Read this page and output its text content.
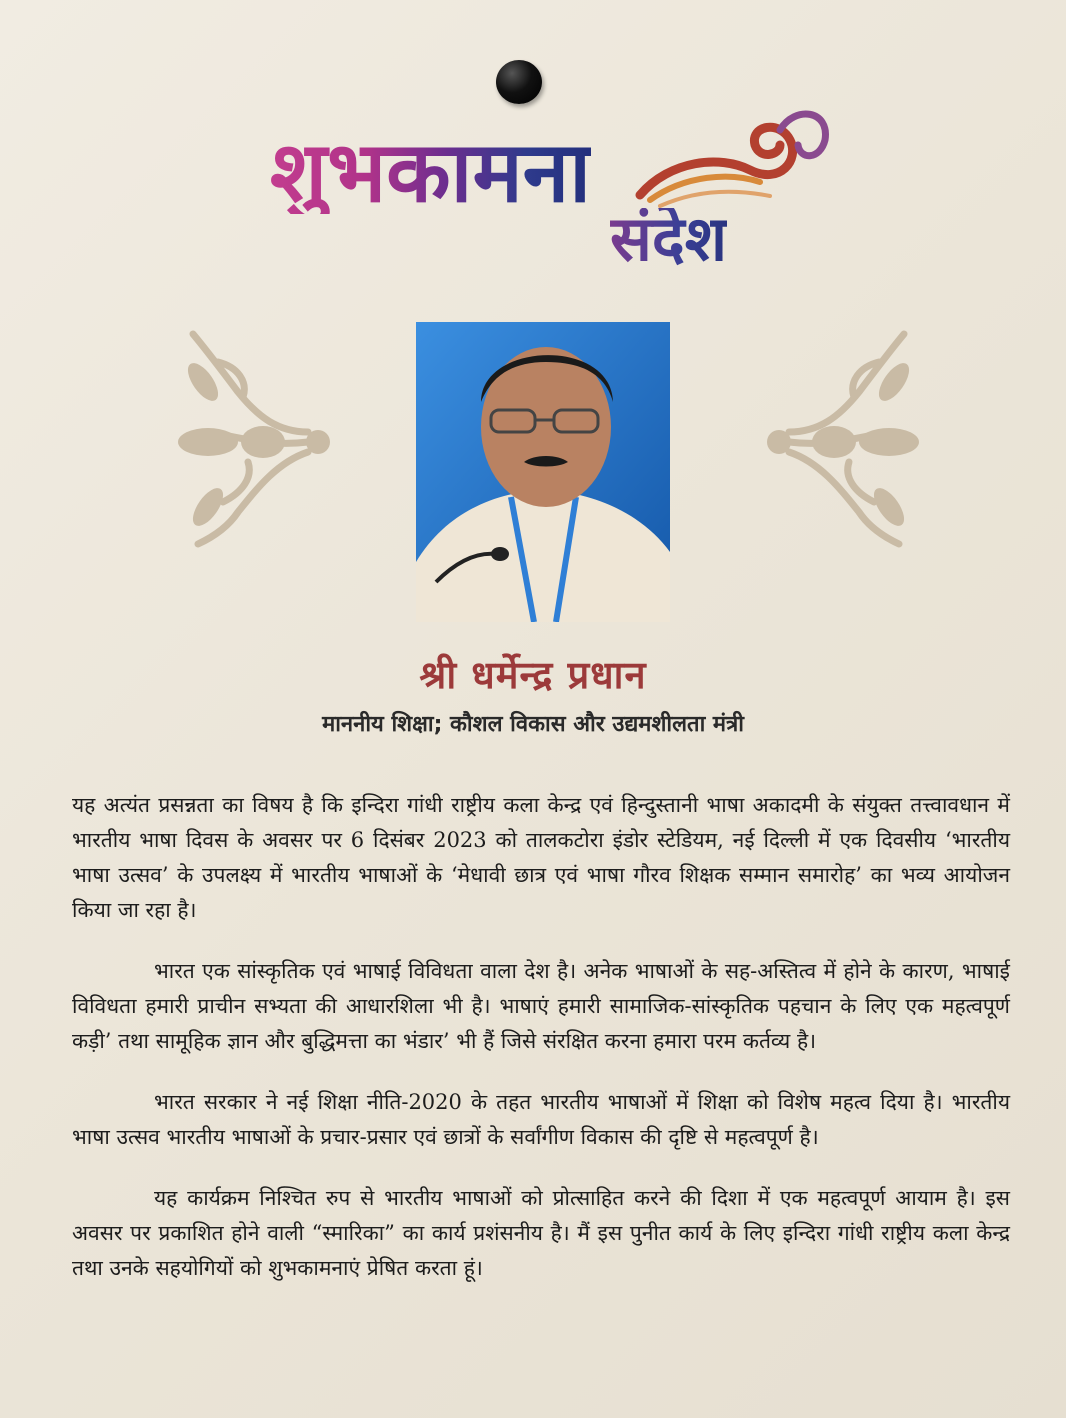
शुभकामना
संदेश
श्री धर्मेन्द्र प्रधान
माननीय शिक्षा; कौशल विकास और उद्यमशीलता मंत्री

यह अत्यंत प्रसन्नता का विषय है कि इन्दिरा गांधी राष्ट्रीय कला केन्द्र एवं हिन्दुस्तानी भाषा अकादमी के संयुक्त तत्त्वावधान में भारतीय भाषा दिवस के अवसर पर 6 दिसंबर 2023 को तालकटोरा इंडोर स्टेडियम, नई दिल्ली में एक दिवसीय ‘भारतीय भाषा उत्सव’ के उपलक्ष्य में भारतीय भाषाओं के ‘मेधावी छात्र एवं भाषा गौरव शिक्षक सम्मान समारोह’ का भव्य आयोजन किया जा रहा है।

भारत एक सांस्कृतिक एवं भाषाई विविधता वाला देश है। अनेक भाषाओं के सह-अस्तित्व में होने के कारण, भाषाई विविधता हमारी प्राचीन सभ्यता की आधारशिला भी है। भाषाएं हमारी सामाजिक-सांस्कृतिक पहचान के लिए एक महत्वपूर्ण कड़ी’ तथा सामूहिक ज्ञान और बुद्धिमत्ता का भंडार’ भी हैं जिसे संरक्षित करना हमारा परम कर्तव्य है।

भारत सरकार ने नई शिक्षा नीति-2020 के तहत भारतीय भाषाओं में शिक्षा को विशेष महत्व दिया है। भारतीय भाषा उत्सव भारतीय भाषाओं के प्रचार-प्रसार एवं छात्रों के सर्वांगीण विकास की दृष्टि से महत्वपूर्ण है।

यह कार्यक्रम निश्चित रुप से भारतीय भाषाओं को प्रोत्साहित करने की दिशा में एक महत्वपूर्ण आयाम है। इस अवसर पर प्रकाशित होने वाली “स्मारिका” का कार्य प्रशंसनीय है। मैं इस पुनीत कार्य के लिए इन्दिरा गांधी राष्ट्रीय कला केन्द्र तथा उनके सहयोगियों को शुभकामनाएं प्रेषित करता हूं।
